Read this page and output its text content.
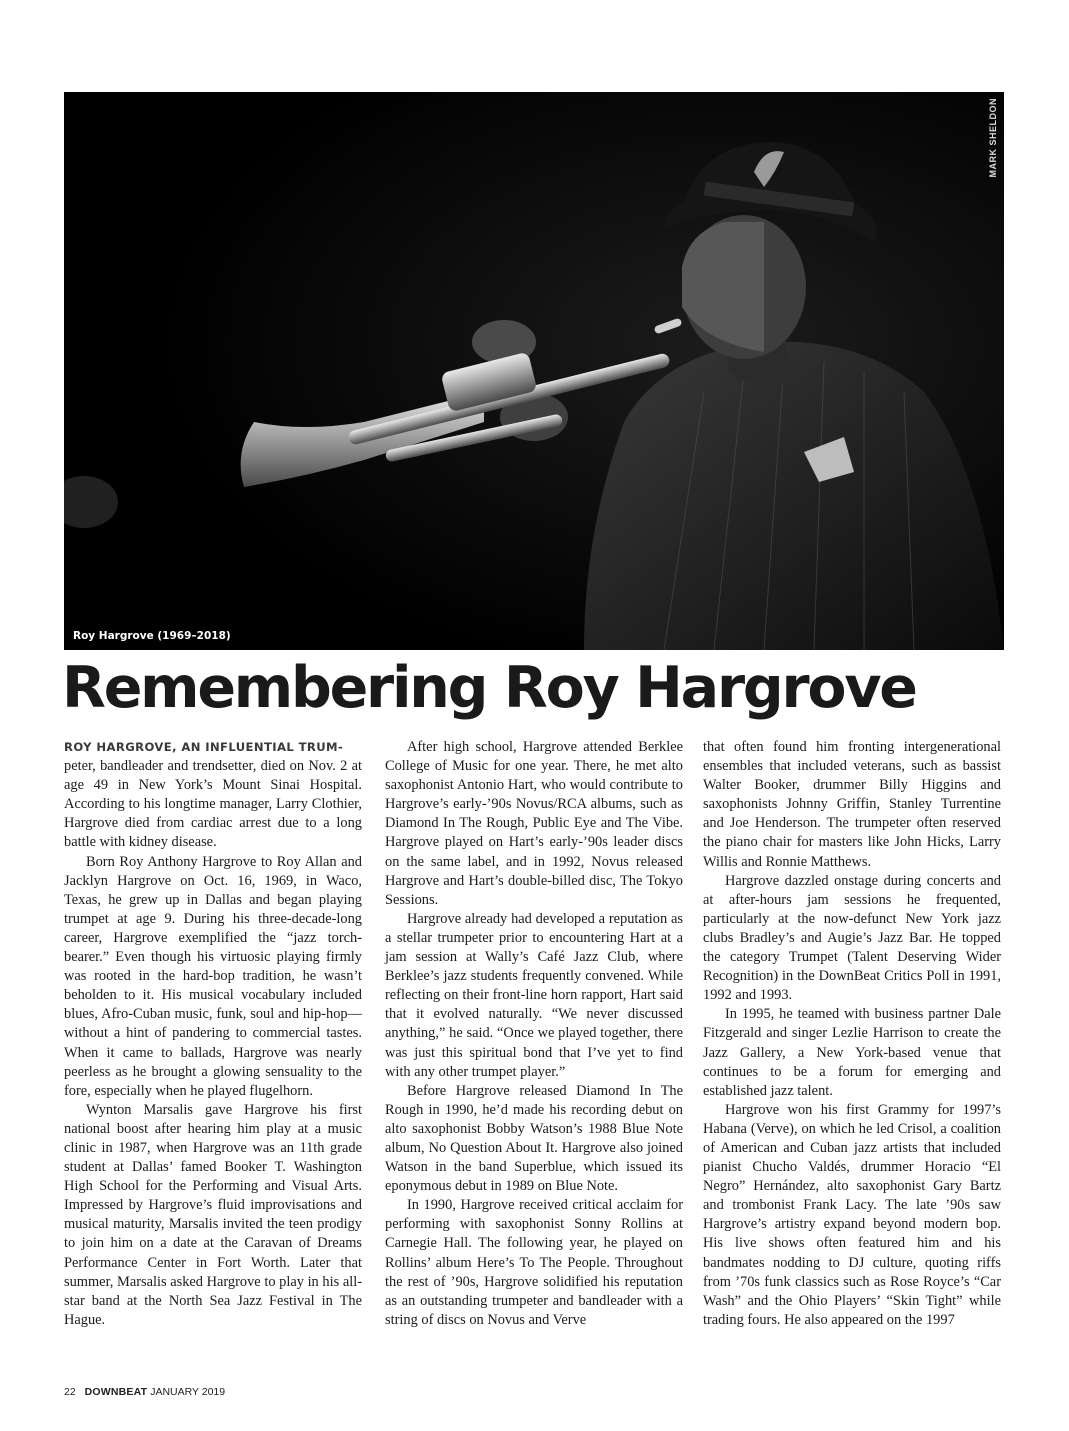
MARK SHELDON
Roy Hargrove (1969–2018)
Remembering Roy Hargrove

ROY HARGROVE, AN INFLUENTIAL TRUM-
peter, bandleader and trendsetter, died on Nov. 2 at age 49 in New York’s Mount Sinai Hospital. According to his longtime manager, Larry Clothier, Hargrove died from cardiac arrest due to a long battle with kidney disease.

Born Roy Anthony Hargrove to Roy Allan and Jacklyn Hargrove on Oct. 16, 1969, in Waco, Texas, he grew up in Dallas and began playing trumpet at age 9. During his three-decade-long career, Hargrove exemplified the “jazz torch-bearer.” Even though his virtuosic playing firmly was rooted in the hard-bop tradition, he wasn’t beholden to it. His musical vocabulary included blues, Afro-Cuban music, funk, soul and hip-hop—without a hint of pandering to commercial tastes. When it came to ballads, Hargrove was nearly peerless as he brought a glowing sensuality to the fore, especially when he played flugelhorn.

Wynton Marsalis gave Hargrove his first national boost after hearing him play at a music clinic in 1987, when Hargrove was an 11th grade student at Dallas’ famed Booker T. Washington High School for the Performing and Visual Arts. Impressed by Hargrove’s fluid improvisations and musical maturity, Marsalis invited the teen prodigy to join him on a date at the Caravan of Dreams Performance Center in Fort Worth. Later that summer, Marsalis asked Hargrove to play in his all-star band at the North Sea Jazz Festival in The Hague.

After high school, Hargrove attended Berklee College of Music for one year. There, he met alto saxophonist Antonio Hart, who would contribute to Hargrove’s early-’90s Novus/RCA albums, such as Diamond In The Rough, Public Eye and The Vibe. Hargrove played on Hart’s early-’90s leader discs on the same label, and in 1992, Novus released Hargrove and Hart’s double-billed disc, The Tokyo Sessions.

Hargrove already had developed a reputation as a stellar trumpeter prior to encountering Hart at a jam session at Wally’s Café Jazz Club, where Berklee’s jazz students frequently convened. While reflecting on their front-line horn rapport, Hart said that it evolved naturally. “We never discussed anything,” he said. “Once we played together, there was just this spiritual bond that I’ve yet to find with any other trumpet player.”

Before Hargrove released Diamond In The Rough in 1990, he’d made his recording debut on alto saxophonist Bobby Watson’s 1988 Blue Note album, No Question About It. Hargrove also joined Watson in the band Superblue, which issued its eponymous debut in 1989 on Blue Note.

In 1990, Hargrove received critical acclaim for performing with saxophonist Sonny Rollins at Carnegie Hall. The following year, he played on Rollins’ album Here’s To The People. Throughout the rest of ’90s, Hargrove solidified his reputation as an outstanding trumpeter and bandleader with a string of discs on Novus and Verve

that often found him fronting intergenerational ensembles that included veterans, such as bassist Walter Booker, drummer Billy Higgins and saxophonists Johnny Griffin, Stanley Turrentine and Joe Henderson. The trumpeter often reserved the piano chair for masters like John Hicks, Larry Willis and Ronnie Matthews.

Hargrove dazzled onstage during concerts and at after-hours jam sessions he frequented, particularly at the now-defunct New York jazz clubs Bradley’s and Augie’s Jazz Bar. He topped the category Trumpet (Talent Deserving Wider Recognition) in the DownBeat Critics Poll in 1991, 1992 and 1993.

In 1995, he teamed with business partner Dale Fitzgerald and singer Lezlie Harrison to create the Jazz Gallery, a New York-based venue that continues to be a forum for emerging and established jazz talent.

Hargrove won his first Grammy for 1997’s Habana (Verve), on which he led Crisol, a coalition of American and Cuban jazz artists that included pianist Chucho Valdés, drummer Horacio “El Negro” Hernández, alto saxophonist Gary Bartz and trombonist Frank Lacy. The late ’90s saw Hargrove’s artistry expand beyond modern bop. His live shows often featured him and his bandmates nodding to DJ culture, quoting riffs from ’70s funk classics such as Rose Royce’s “Car Wash” and the Ohio Players’ “Skin Tight” while trading fours. He also appeared on the 1997

22 DOWNBEAT JANUARY 2019
